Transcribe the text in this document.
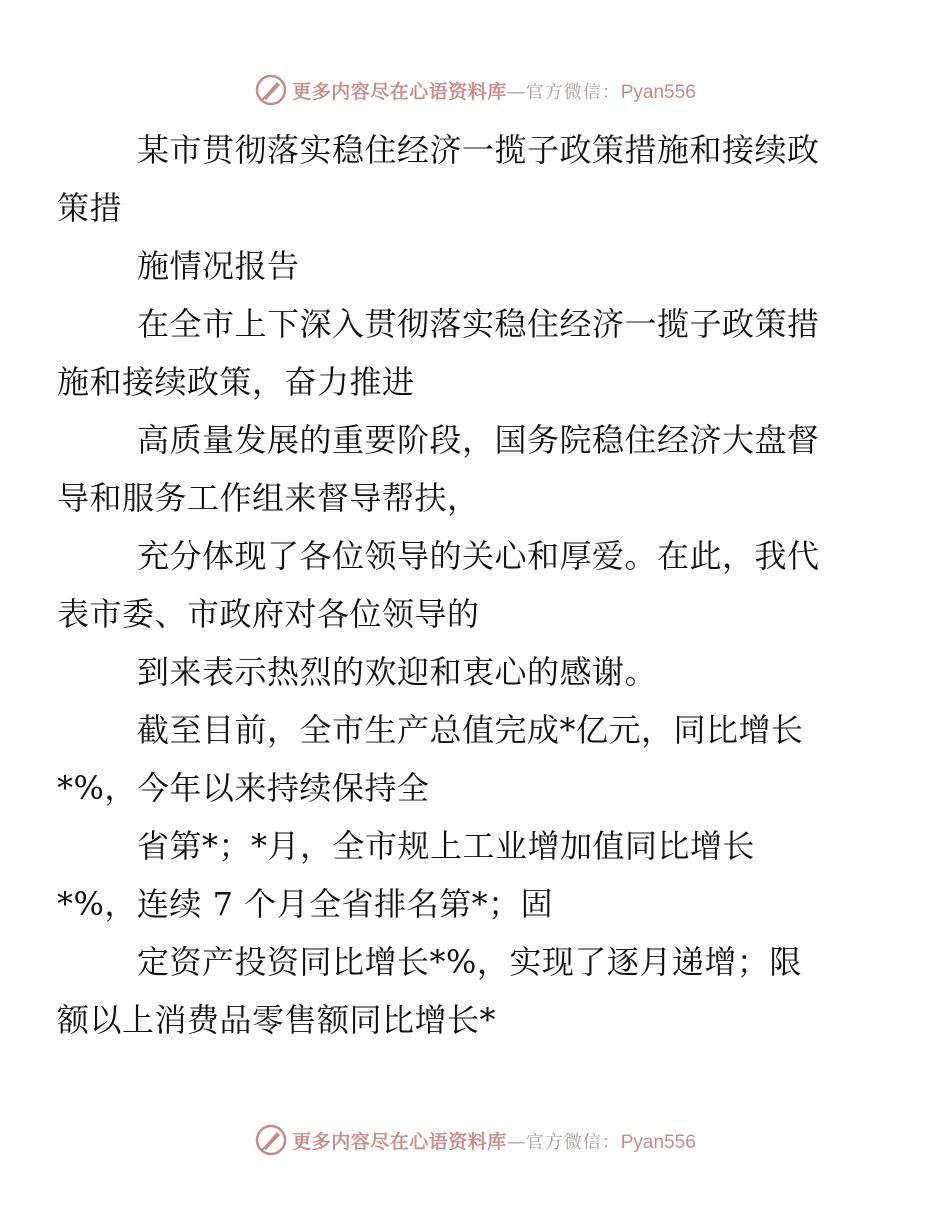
更多内容尽在心语资料库 — 官方微信： Pyan556

某市贯彻落实稳住经济一揽子政策措施和接续政
策措

施情况报告

在全市上下深入贯彻落实稳住经济一揽子政策措
施和接续政策，奋力推进

高质量发展的重要阶段，国务院稳住经济大盘督
导和服务工作组来督导帮扶，

充分体现了各位领导的关心和厚爱。在此，我代
表市委、市政府对各位领导的

到来表示热烈的欢迎和衷心的感谢。

截至目前，全市生产总值完成*亿元，同比增长
*%，今年以来持续保持全

省第*；*月，全市规上工业增加值同比增长
*%，连续 7 个月全省排名第*；固

定资产投资同比增长*%，实现了逐月递增；限
额以上消费品零售额同比增长*

更多内容尽在心语资料库 — 官方微信： Pyan556
